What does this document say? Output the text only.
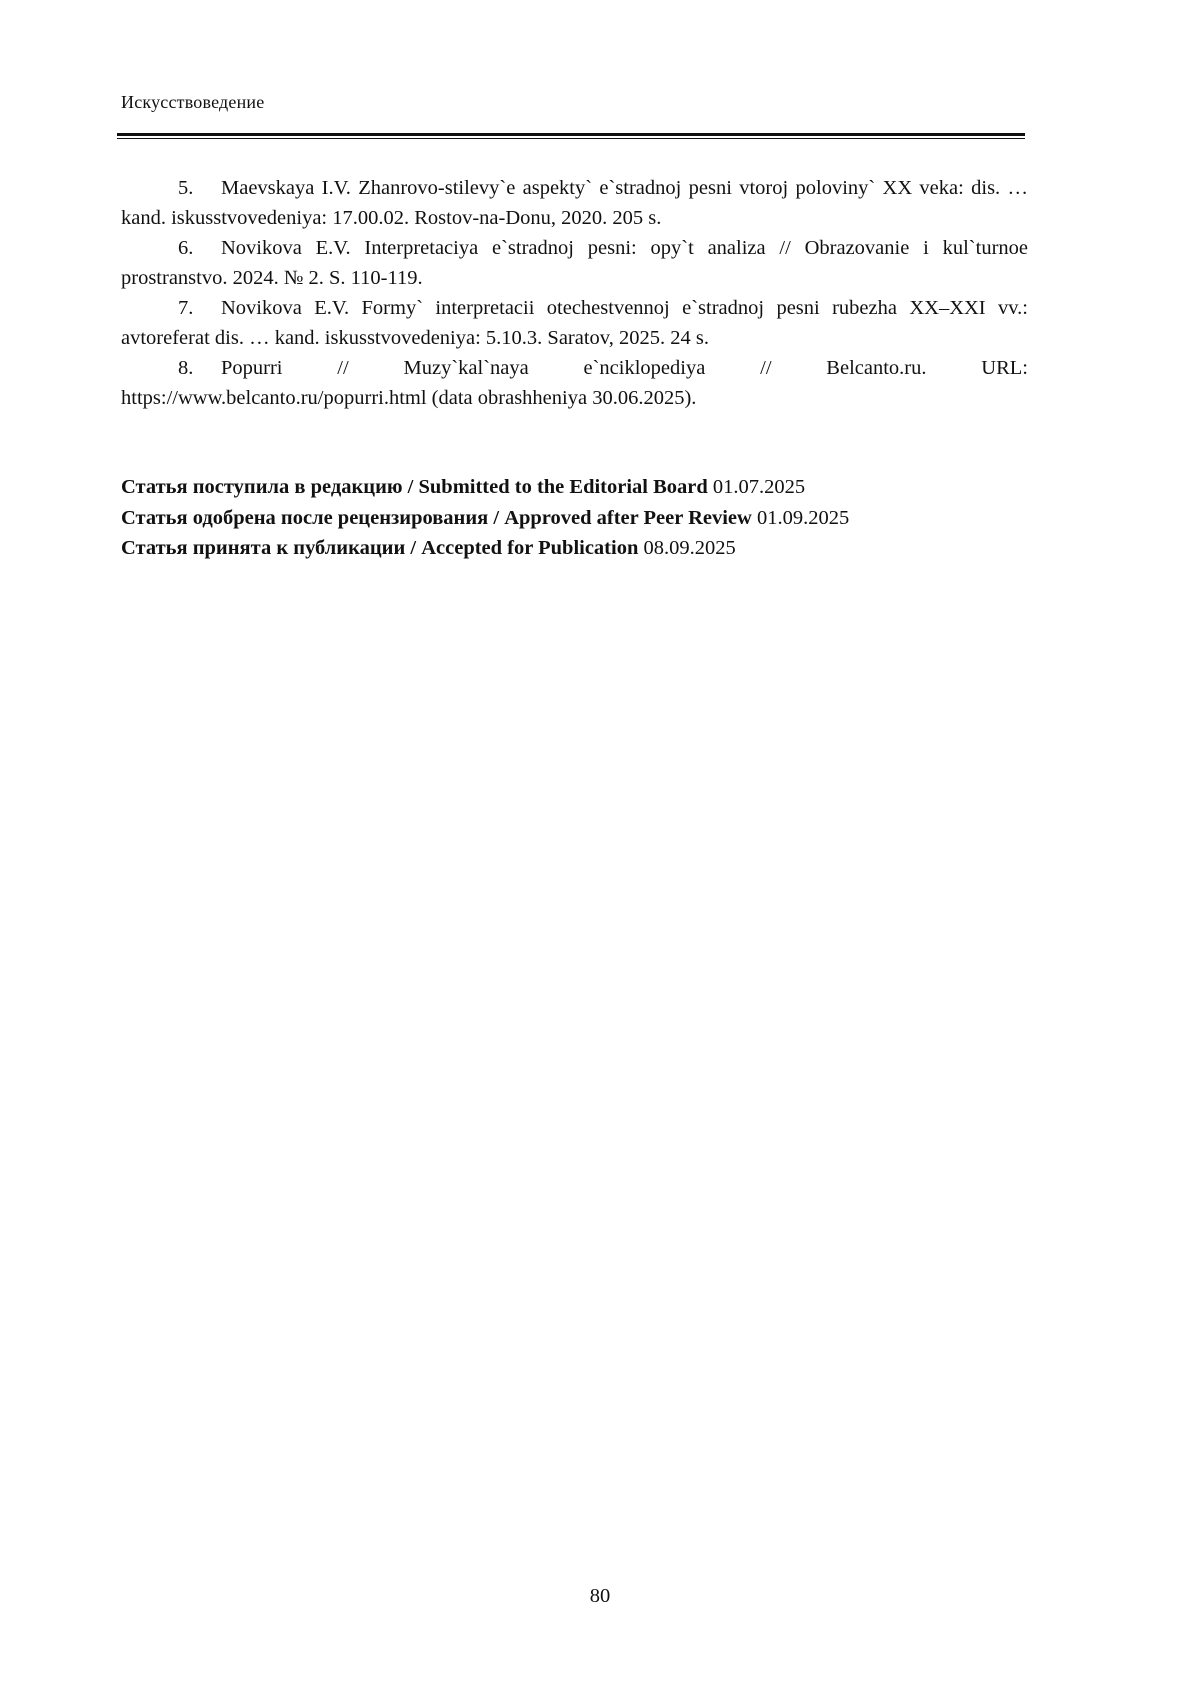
Искусствоведение

5. Maevskaya I.V. Zhanrovo-stilevy`e aspekty` e`stradnoj pesni vtoroj poloviny` XX veka: dis. … kand. iskusstvovedeniya: 17.00.02. Rostov-na-Donu, 2020. 205 s.

6. Novikova E.V. Interpretaciya e`stradnoj pesni: opy`t analiza // Obrazovanie i kul`turnoe prostranstvo. 2024. № 2. S. 110-119.

7. Novikova E.V. Formy` interpretacii otechestvennoj e`stradnoj pesni rubezha XX–XXI vv.: avtoreferat dis. … kand. iskusstvovedeniya: 5.10.3. Saratov, 2025. 24 s.

8. Popurri // Muzy`kal`naya e`nciklopediya // Belcanto.ru. URL: https://www.belcanto.ru/popurri.html (data obrashheniya 30.06.2025).

Статья поступила в редакцию / Submitted to the Editorial Board 01.07.2025
Статья одобрена после рецензирования / Approved after Peer Review 01.09.2025
Статья принята к публикации / Accepted for Publication 08.09.2025
80
